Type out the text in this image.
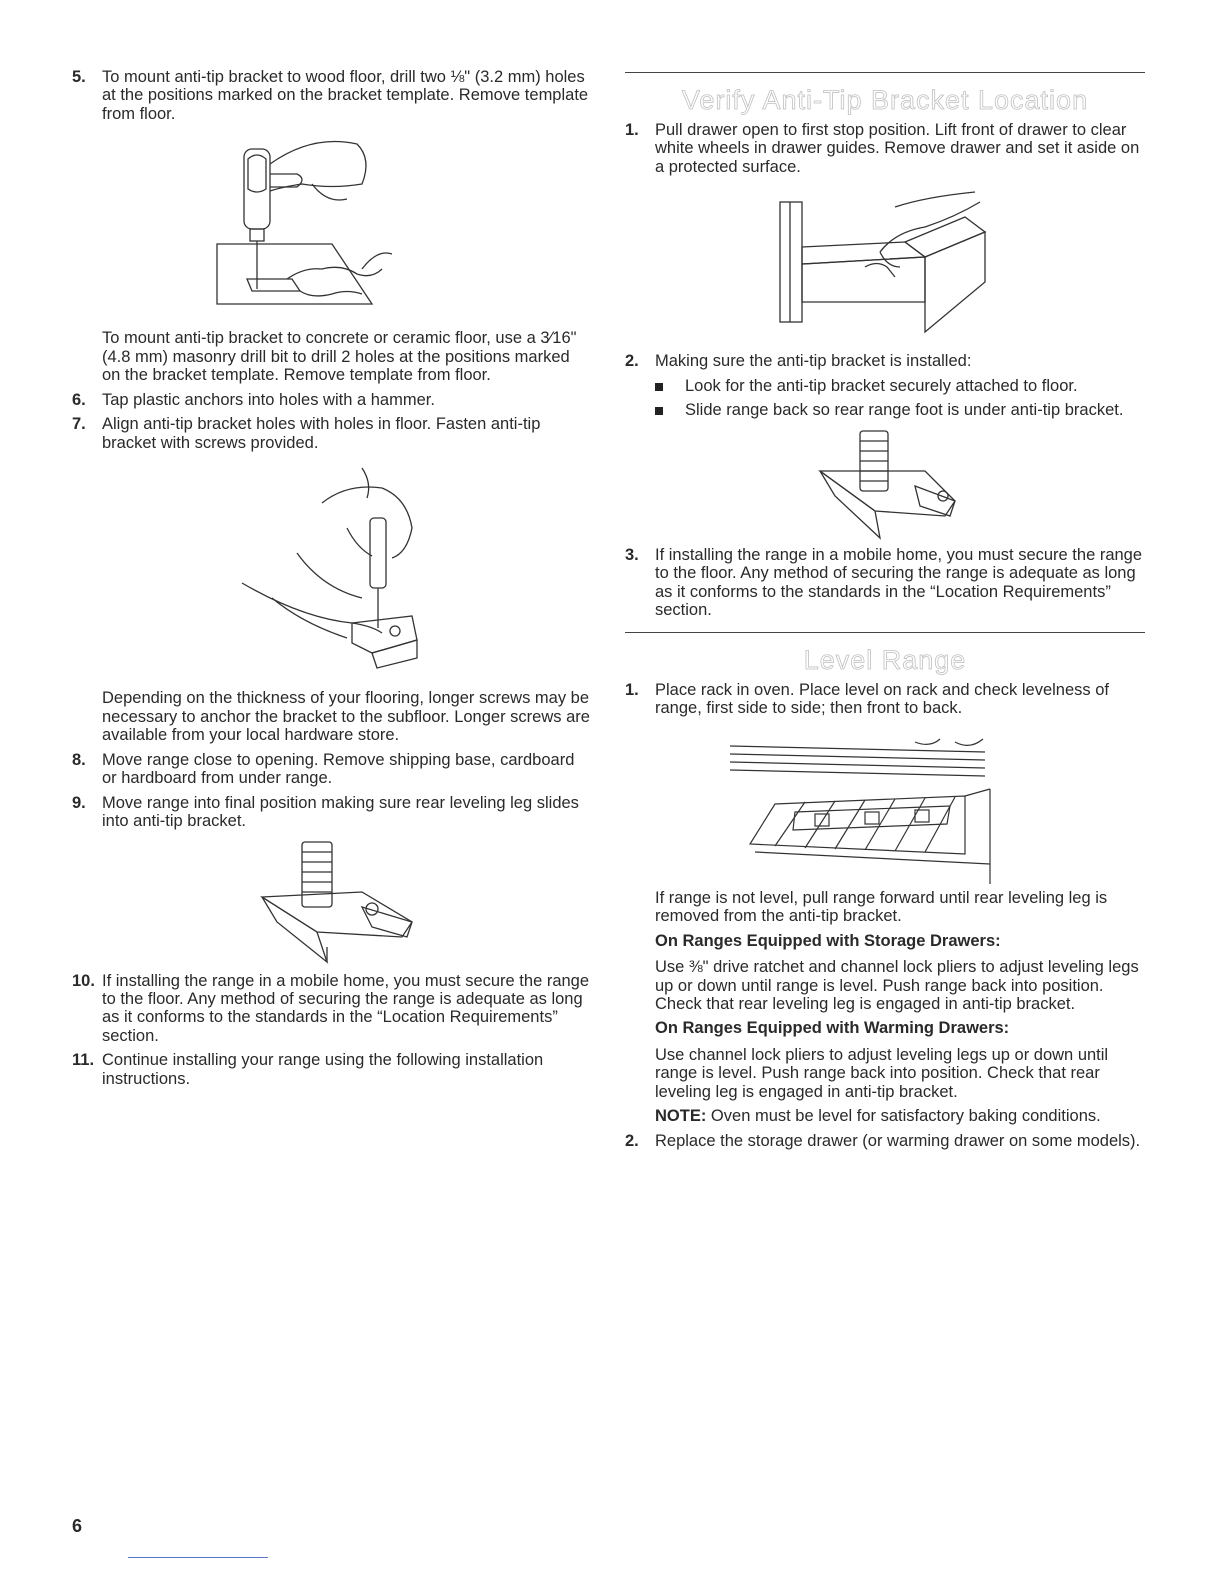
5. To mount anti-tip bracket to wood floor, drill two ⅛" (3.2 mm) holes at the positions marked on the bracket template. Remove template from floor.
To mount anti-tip bracket to concrete or ceramic floor, use a 3⁄16" (4.8 mm) masonry drill bit to drill 2 holes at the positions marked on the bracket template. Remove template from floor.
6. Tap plastic anchors into holes with a hammer.
7. Align anti-tip bracket holes with holes in floor. Fasten anti-tip bracket with screws provided.
Depending on the thickness of your flooring, longer screws may be necessary to anchor the bracket to the subfloor. Longer screws are available from your local hardware store.
8. Move range close to opening. Remove shipping base, cardboard or hardboard from under range.
9. Move range into final position making sure rear leveling leg slides into anti-tip bracket.
10. If installing the range in a mobile home, you must secure the range to the floor. Any method of securing the range is adequate as long as it conforms to the standards in the “Location Requirements” section.
11. Continue installing your range using the following installation instructions.
Verify Anti-Tip Bracket Location
1. Pull drawer open to first stop position. Lift front of drawer to clear white wheels in drawer guides. Remove drawer and set it aside on a protected surface.
2. Making sure the anti-tip bracket is installed:
Look for the anti-tip bracket securely attached to floor.
Slide range back so rear range foot is under anti-tip bracket.
3. If installing the range in a mobile home, you must secure the range to the floor. Any method of securing the range is adequate as long as it conforms to the standards in the “Location Requirements” section.
Level Range
1. Place rack in oven. Place level on rack and check levelness of range, first side to side; then front to back.
If range is not level, pull range forward until rear leveling leg is removed from the anti-tip bracket.
On Ranges Equipped with Storage Drawers:
Use ⅜" drive ratchet and channel lock pliers to adjust leveling legs up or down until range is level. Push range back into position. Check that rear leveling leg is engaged in anti-tip bracket.
On Ranges Equipped with Warming Drawers:
Use channel lock pliers to adjust leveling legs up or down until range is level. Push range back into position. Check that rear leveling leg is engaged in anti-tip bracket.
NOTE: Oven must be level for satisfactory baking conditions.
2. Replace the storage drawer (or warming drawer on some models).
6
